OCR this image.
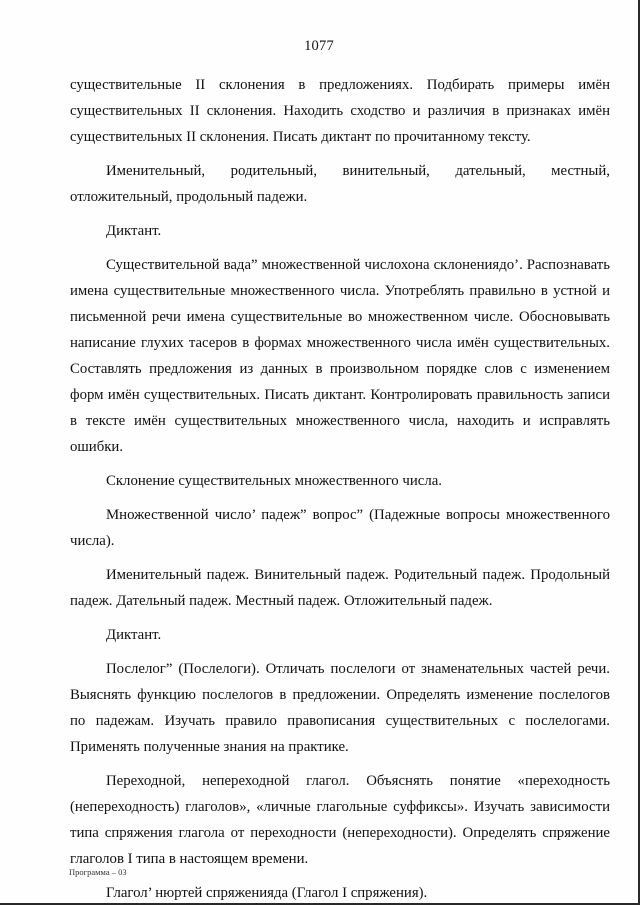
1077

существительные II склонения в предложениях. Подбирать примеры имён существительных II склонения. Находить сходство и различия в признаках имён существительных II склонения. Писать диктант по прочитанному тексту.

Именительный, родительный, винительный, дательный, местный, отложительный, продольный падежи.

Диктант.

Существительной вада” множественной числохона склонениядо’. Распознавать имена существительные множественного числа. Употреблять правильно в устной и письменной речи имена существительные во множественном числе. Обосновывать написание глухих тасеров в формах множественного числа имён существительных. Составлять предложения из данных в произвольном порядке слов с изменением форм имён существительных. Писать диктант. Контролировать правильность записи в тексте имён существительных множественного числа, находить и исправлять ошибки.

Склонение существительных множественного числа.

Множественной число’ падеж” вопрос” (Падежные вопросы множественного числа).

Именительный падеж. Винительный падеж. Родительный падеж. Продольный падеж. Дательный падеж. Местный падеж. Отложительный падеж.

Диктант.

Послелог” (Послелоги). Отличать послелоги от знаменательных частей речи. Выяснять функцию послелогов в предложении. Определять изменение послелогов по падежам. Изучать правило правописания существительных с послелогами. Применять полученные знания на практике.

Переходной, непереходной глагол. Объяснять понятие «переходность (непереходность) глаголов», «личные глагольные суффиксы». Изучать зависимости типа спряжения глагола от переходности (непереходности). Определять спряжение глаголов I типа в настоящем времени.

Глагол’ нюртей спряженияда (Глагол I спряжения).

Программа – 03
